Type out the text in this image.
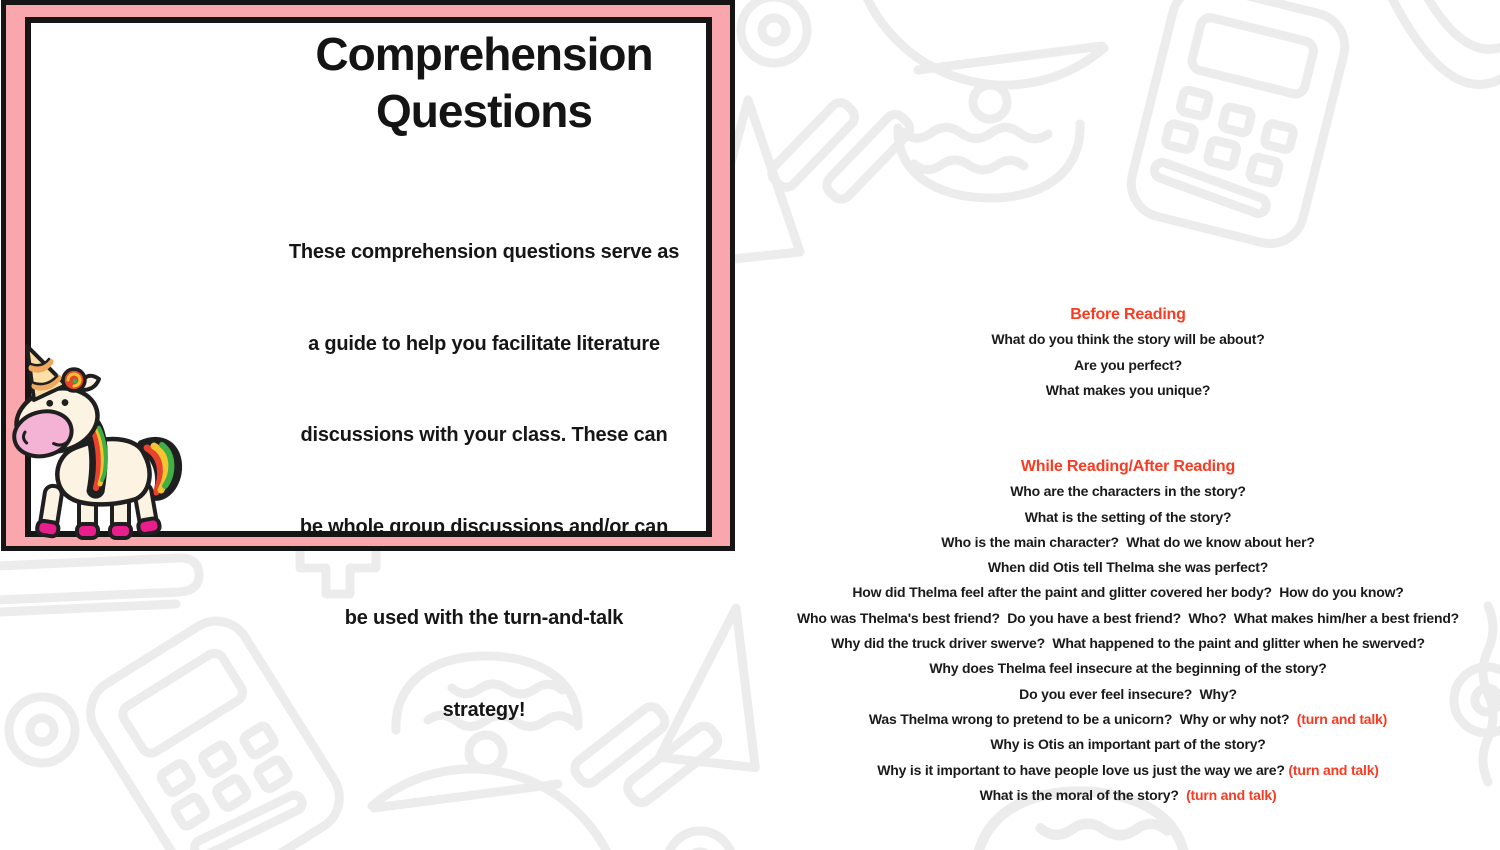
Comprehension
Questions

These comprehension questions serve as

a guide to help you facilitate literature

discussions with your class. These can

be whole group discussions and/or can

be used with the turn-and-talk

strategy!

Before Reading
What do you think the story will be about?
Are you perfect?
What makes you unique?
While Reading/After Reading
Who are the characters in the story?
What is the setting of the story?
Who is the main character?  What do we know about her?
When did Otis tell Thelma she was perfect?
How did Thelma feel after the paint and glitter covered her body?  How do you know?
Who was Thelma's best friend?  Do you have a best friend?  Who?  What makes him/her a best friend?
Why did the truck driver swerve?  What happened to the paint and glitter when he swerved?
Why does Thelma feel insecure at the beginning of the story?
Do you ever feel insecure?  Why?
Was Thelma wrong to pretend to be a unicorn?  Why or why not?  (turn and talk)
Why is Otis an important part of the story?
Why is it important to have people love us just the way we are? (turn and talk)
What is the moral of the story?  (turn and talk)
